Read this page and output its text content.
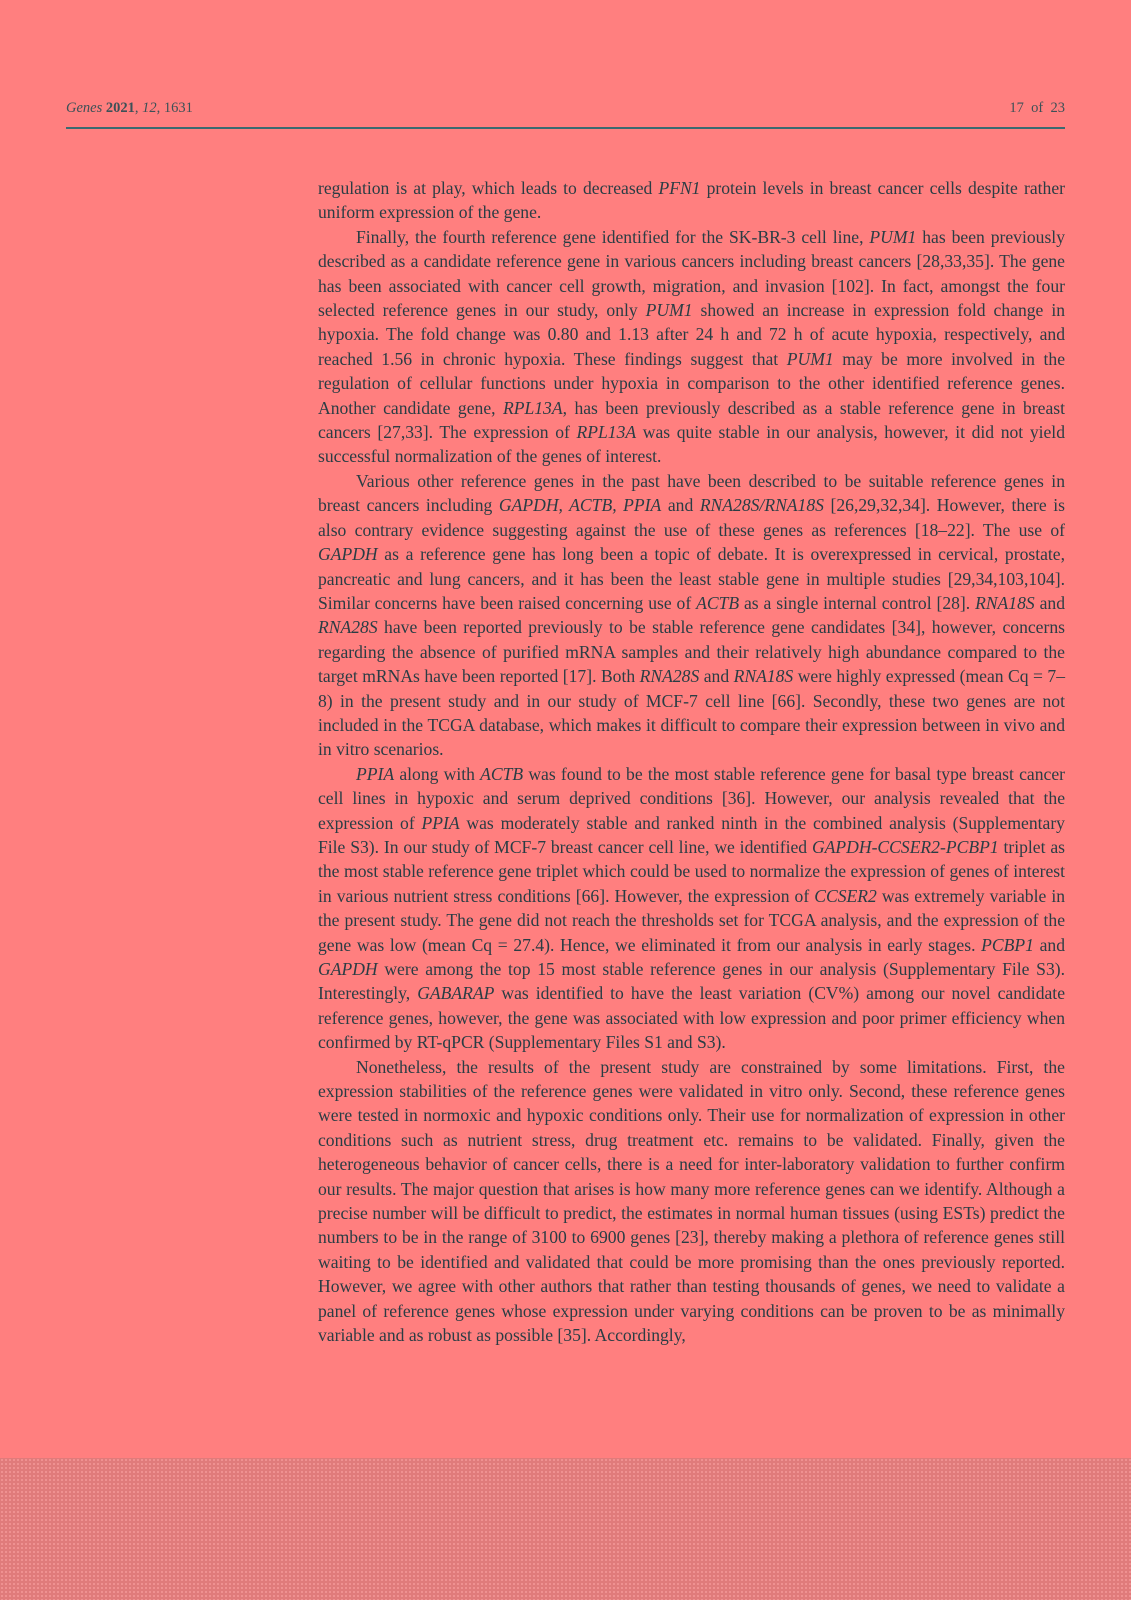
Genes 2021, 12, 1631	17 of 23

regulation is at play, which leads to decreased PFN1 protein levels in breast cancer cells despite rather uniform expression of the gene.

Finally, the fourth reference gene identified for the SK-BR-3 cell line, PUM1 has been previously described as a candidate reference gene in various cancers including breast cancers [28,33,35]. The gene has been associated with cancer cell growth, migration, and invasion [102]. In fact, amongst the four selected reference genes in our study, only PUM1 showed an increase in expression fold change in hypoxia. The fold change was 0.80 and 1.13 after 24 h and 72 h of acute hypoxia, respectively, and reached 1.56 in chronic hypoxia. These findings suggest that PUM1 may be more involved in the regulation of cellular functions under hypoxia in comparison to the other identified reference genes. Another candidate gene, RPL13A, has been previously described as a stable reference gene in breast cancers [27,33]. The expression of RPL13A was quite stable in our analysis, however, it did not yield successful normalization of the genes of interest.

Various other reference genes in the past have been described to be suitable reference genes in breast cancers including GAPDH, ACTB, PPIA and RNA28S/RNA18S [26,29,32,34]. However, there is also contrary evidence suggesting against the use of these genes as references [18–22]. The use of GAPDH as a reference gene has long been a topic of debate. It is overexpressed in cervical, prostate, pancreatic and lung cancers, and it has been the least stable gene in multiple studies [29,34,103,104]. Similar concerns have been raised concerning use of ACTB as a single internal control [28]. RNA18S and RNA28S have been reported previously to be stable reference gene candidates [34], however, concerns regarding the absence of purified mRNA samples and their relatively high abundance compared to the target mRNAs have been reported [17]. Both RNA28S and RNA18S were highly expressed (mean Cq = 7–8) in the present study and in our study of MCF-7 cell line [66]. Secondly, these two genes are not included in the TCGA database, which makes it difficult to compare their expression between in vivo and in vitro scenarios.

PPIA along with ACTB was found to be the most stable reference gene for basal type breast cancer cell lines in hypoxic and serum deprived conditions [36]. However, our analysis revealed that the expression of PPIA was moderately stable and ranked ninth in the combined analysis (Supplementary File S3). In our study of MCF-7 breast cancer cell line, we identified GAPDH-CCSER2-PCBP1 triplet as the most stable reference gene triplet which could be used to normalize the expression of genes of interest in various nutrient stress conditions [66]. However, the expression of CCSER2 was extremely variable in the present study. The gene did not reach the thresholds set for TCGA analysis, and the expression of the gene was low (mean Cq = 27.4). Hence, we eliminated it from our analysis in early stages. PCBP1 and GAPDH were among the top 15 most stable reference genes in our analysis (Supplementary File S3). Interestingly, GABARAP was identified to have the least variation (CV%) among our novel candidate reference genes, however, the gene was associated with low expression and poor primer efficiency when confirmed by RT-qPCR (Supplementary Files S1 and S3).

Nonetheless, the results of the present study are constrained by some limitations. First, the expression stabilities of the reference genes were validated in vitro only. Second, these reference genes were tested in normoxic and hypoxic conditions only. Their use for normalization of expression in other conditions such as nutrient stress, drug treatment etc. remains to be validated. Finally, given the heterogeneous behavior of cancer cells, there is a need for inter-laboratory validation to further confirm our results. The major question that arises is how many more reference genes can we identify. Although a precise number will be difficult to predict, the estimates in normal human tissues (using ESTs) predict the numbers to be in the range of 3100 to 6900 genes [23], thereby making a plethora of reference genes still waiting to be identified and validated that could be more promising than the ones previously reported. However, we agree with other authors that rather than testing thousands of genes, we need to validate a panel of reference genes whose expression under varying conditions can be proven to be as minimally variable and as robust as possible [35]. Accordingly,
